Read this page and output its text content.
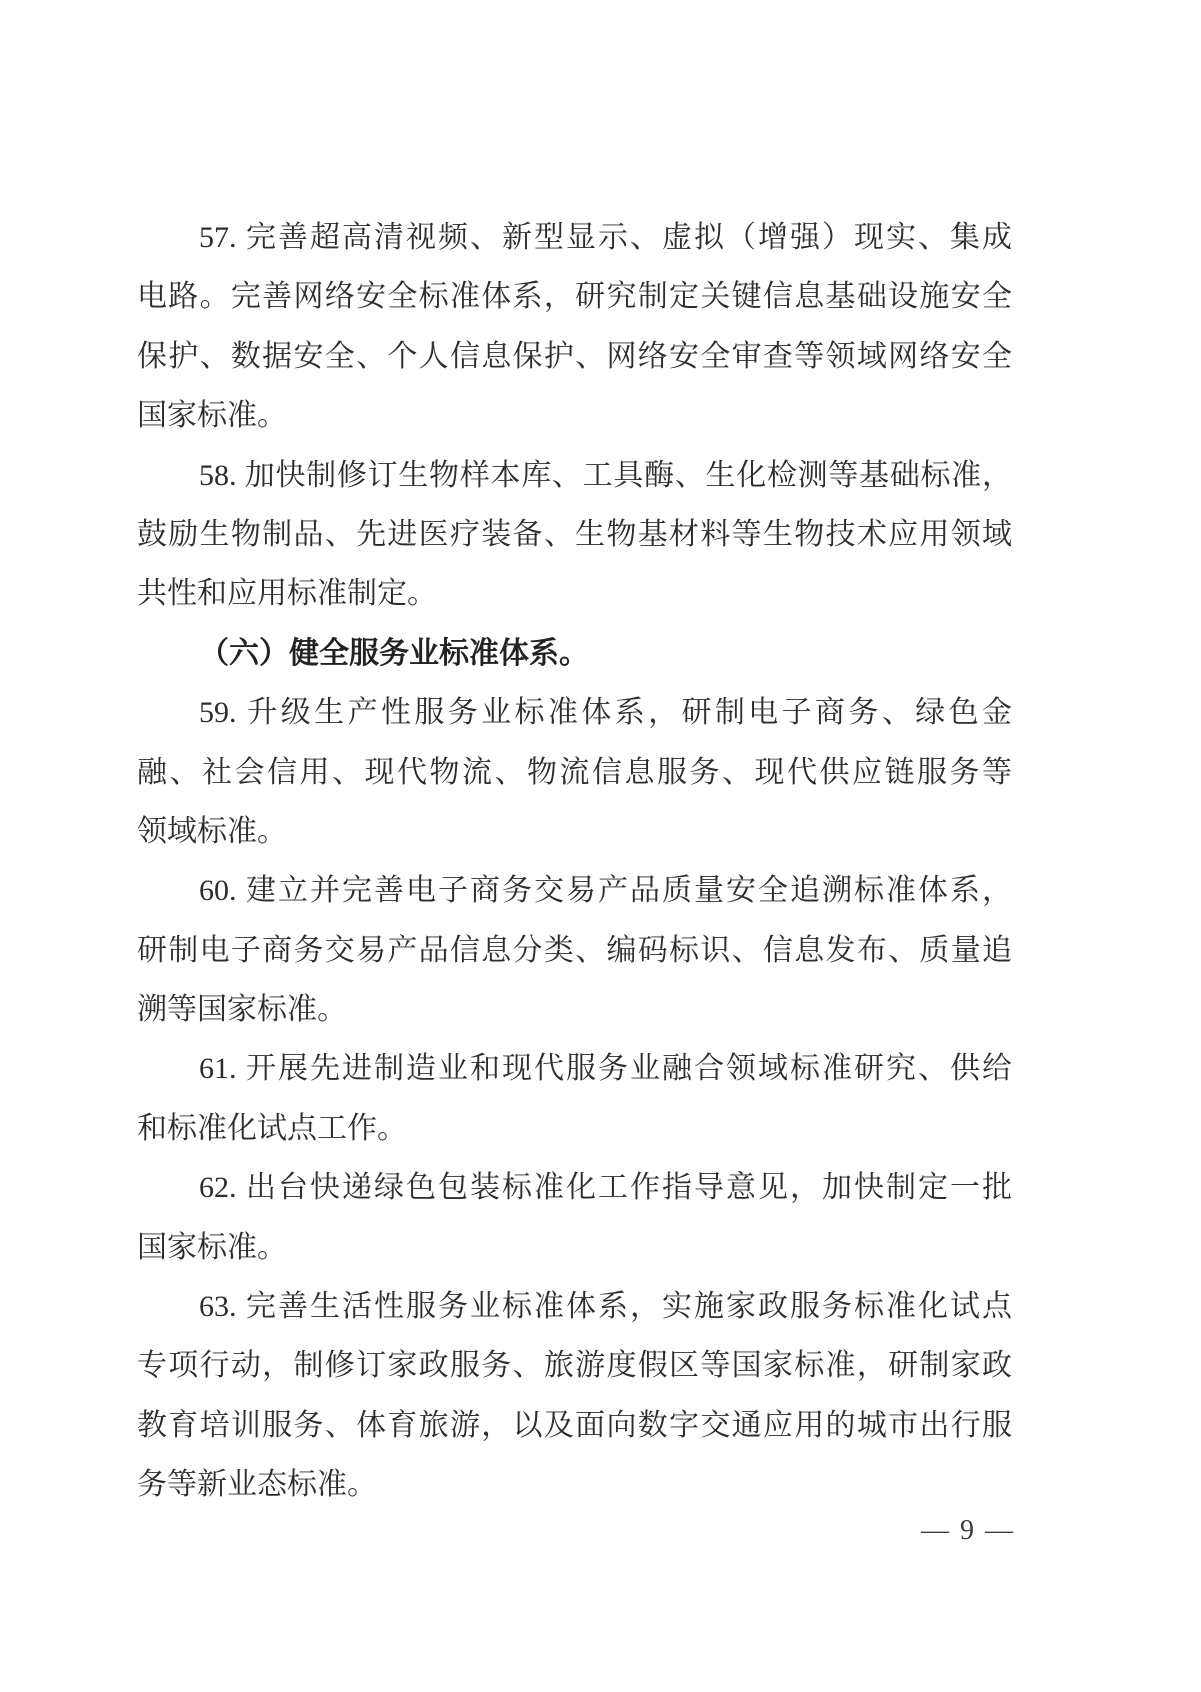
57. 完善超高清视频、新型显示、虚拟（增强）现实、集成
电路。完善网络安全标准体系，研究制定关键信息基础设施安全
保护、数据安全、个人信息保护、网络安全审查等领域网络安全
国家标准。
58. 加快制修订生物样本库、工具酶、生化检测等基础标准，
鼓励生物制品、先进医疗装备、生物基材料等生物技术应用领域
共性和应用标准制定。
（六）健全服务业标准体系。
59. 升级生产性服务业标准体系，研制电子商务、绿色金
融、社会信用、现代物流、物流信息服务、现代供应链服务等
领域标准。
60. 建立并完善电子商务交易产品质量安全追溯标准体系，
研制电子商务交易产品信息分类、编码标识、信息发布、质量追
溯等国家标准。
61. 开展先进制造业和现代服务业融合领域标准研究、供给
和标准化试点工作。
62. 出台快递绿色包装标准化工作指导意见，加快制定一批
国家标准。
63. 完善生活性服务业标准体系，实施家政服务标准化试点
专项行动，制修订家政服务、旅游度假区等国家标准，研制家政
教育培训服务、体育旅游，以及面向数字交通应用的城市出行服
务等新业态标准。
— 9 —
